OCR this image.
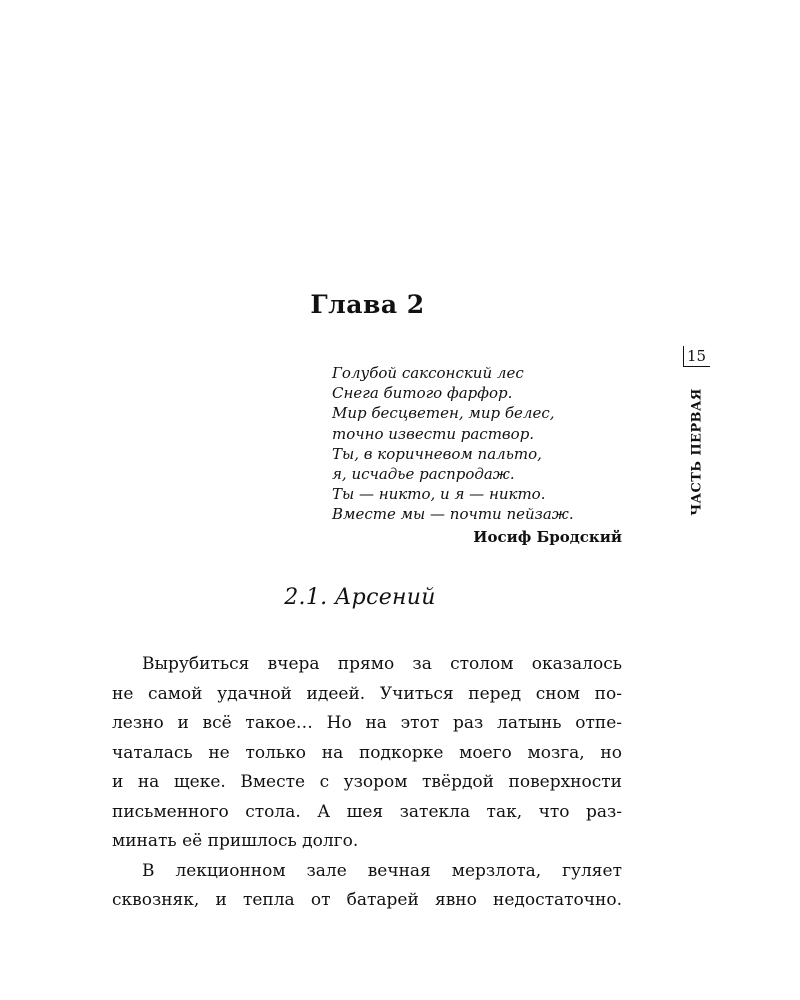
Глава 2
Голубой саксонский лес
Снега битого фарфор.
Мир бесцветен, мир белес,
точно извести раствор.
Ты, в коричневом пальто,
я, исчадье распродаж.
Ты — никто, и я — никто.
Вместе мы — почти пейзаж.
Иосиф Бродский
2.1. Арсений
Вырубиться вчера прямо за столом оказалось
не самой удачной идеей. Учиться перед сном по-
лезно и всё такое… Но на этот раз латынь отпе-
чаталась не только на подкорке моего мозга, но
и на щеке. Вместе с узором твёрдой поверхности
письменного стола. А шея затекла так, что раз-
минать её пришлось долго.
В лекционном зале вечная мерзлота, гуляет
сквозняк, и тепла от батарей явно недостаточно.
15
ЧАСТЬ ПЕРВАЯ
